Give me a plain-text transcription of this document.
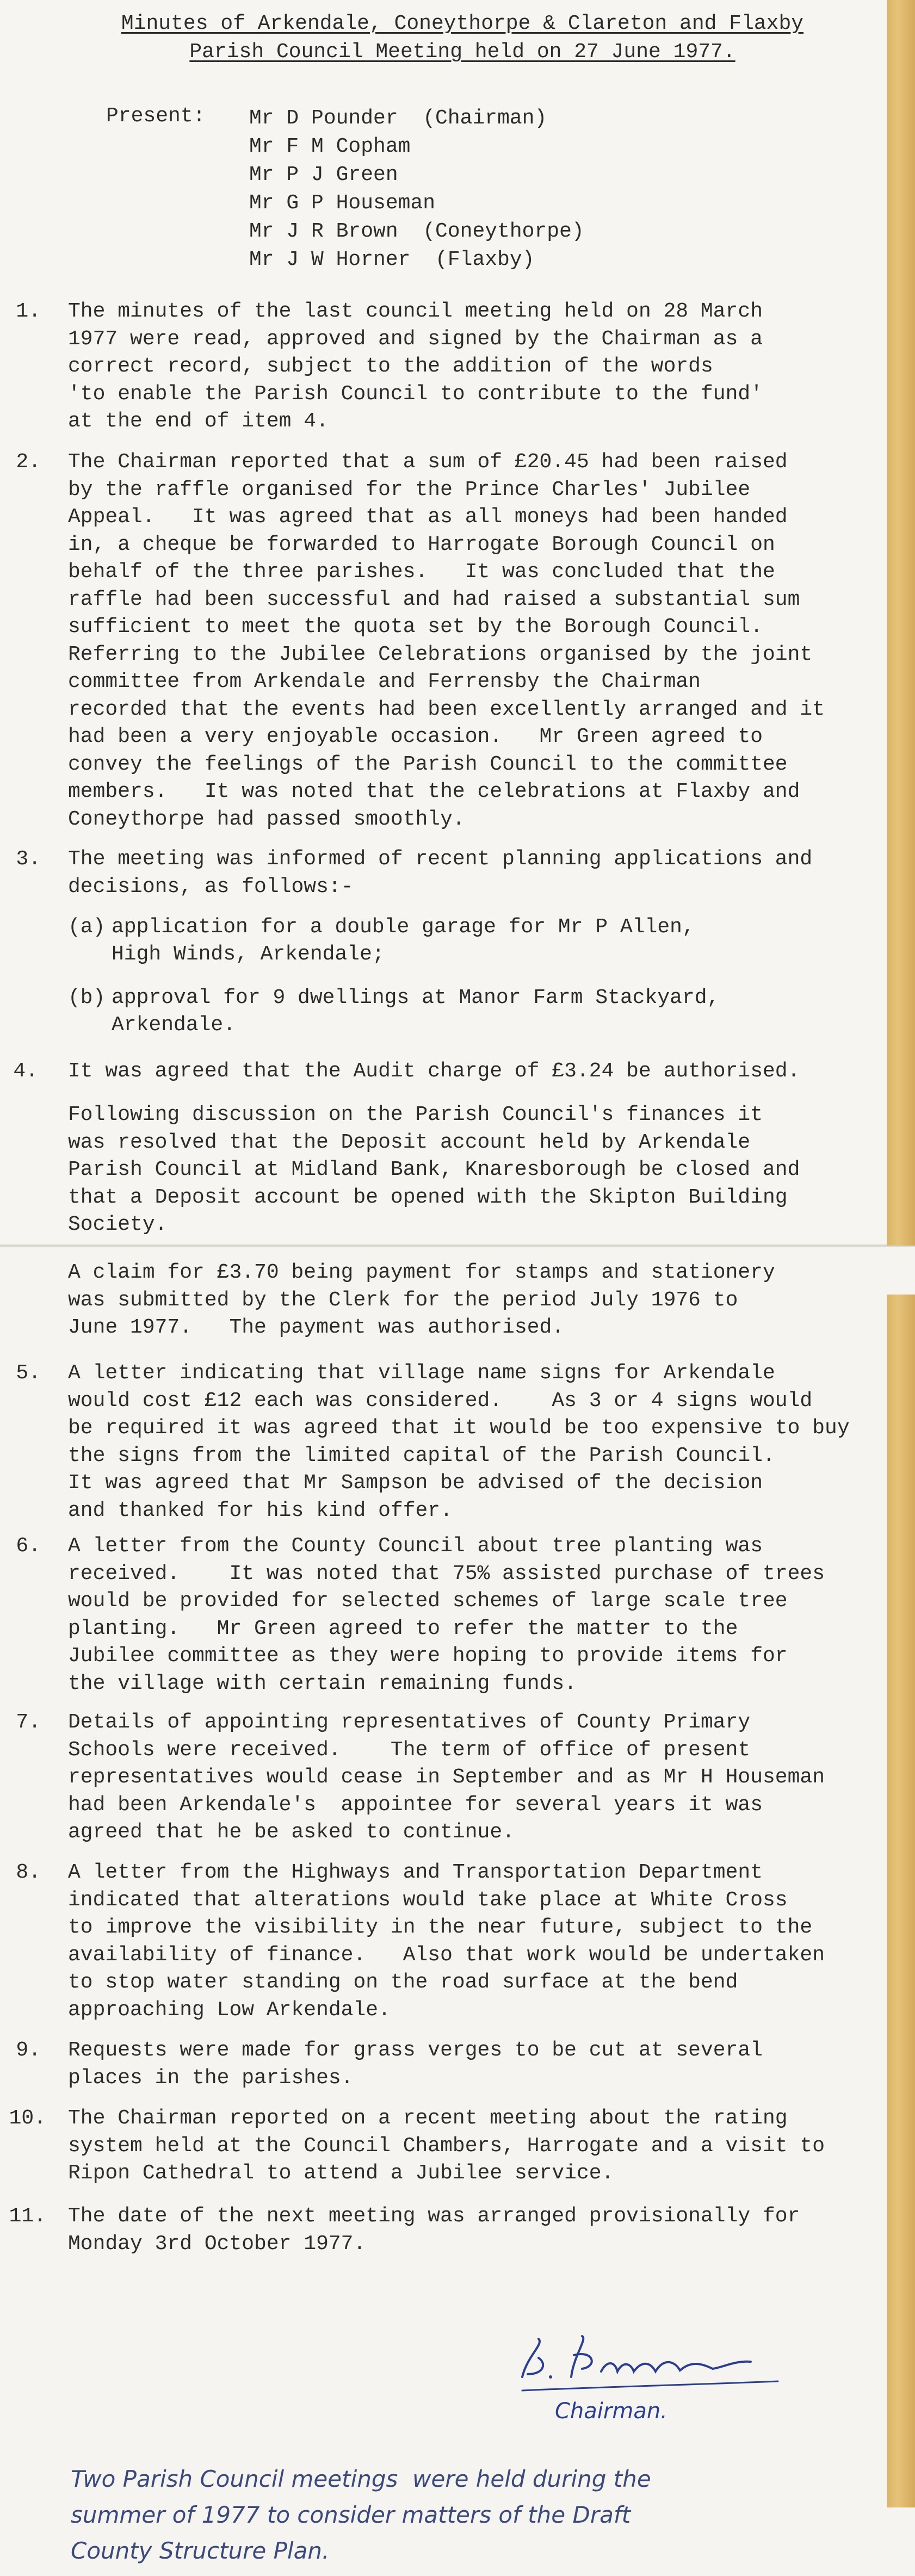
Minutes of Arkendale, Coneythorpe & Clareton and Flaxby
Parish Council Meeting held on 27 June 1977.
Present: Mr D Pounder  (Chairman)
Mr F M Copham
Mr P J Green
Mr G P Houseman
Mr J R Brown  (Coneythorpe)
Mr J W Horner  (Flaxby)
1. The minutes of the last council meeting held on 28 March

1977 were read, approved and signed by the Chairman as a

correct record, subject to the addition of the words

'to enable the Parish Council to contribute to the fund'

at the end of item 4.

2. The Chairman reported that a sum of £20.45 had been raised

by the raffle organised for the Prince Charles' Jubilee

Appeal.   It was agreed that as all moneys had been handed

in, a cheque be forwarded to Harrogate Borough Council on

behalf of the three parishes.   It was concluded that the

raffle had been successful and had raised a substantial sum

sufficient to meet the quota set by the Borough Council.

Referring to the Jubilee Celebrations organised by the joint

committee from Arkendale and Ferrensby the Chairman

recorded that the events had been excellently arranged and it

had been a very enjoyable occasion.   Mr Green agreed to

convey the feelings of the Parish Council to the committee

members.   It was noted that the celebrations at Flaxby and

Coneythorpe had passed smoothly.

3. The meeting was informed of recent planning applications and

decisions, as follows:-

(a) application for a double garage for Mr P Allen,

High Winds, Arkendale;

(b) approval for 9 dwellings at Manor Farm Stackyard,

Arkendale.

4. It was agreed that the Audit charge of £3.24 be authorised.

Following discussion on the Parish Council's finances it

was resolved that the Deposit account held by Arkendale

Parish Council at Midland Bank, Knaresborough be closed and

that a Deposit account be opened with the Skipton Building

Society.

A claim for £3.70 being payment for stamps and stationery

was submitted by the Clerk for the period July 1976 to

June 1977.   The payment was authorised.

5. A letter indicating that village name signs for Arkendale

would cost £12 each was considered.    As 3 or 4 signs would

be required it was agreed that it would be too expensive to buy

the signs from the limited capital of the Parish Council.

It was agreed that Mr Sampson be advised of the decision

and thanked for his kind offer.

6. A letter from the County Council about tree planting was

received.    It was noted that 75% assisted purchase of trees

would be provided for selected schemes of large scale tree

planting.   Mr Green agreed to refer the matter to the

Jubilee committee as they were hoping to provide items for

the village with certain remaining funds.

7. Details of appointing representatives of County Primary

Schools were received.    The term of office of present

representatives would cease in September and as Mr H Houseman

had been Arkendale's  appointee for several years it was

agreed that he be asked to continue.

8. A letter from the Highways and Transportation Department

indicated that alterations would take place at White Cross

to improve the visibility in the near future, subject to the

availability of finance.   Also that work would be undertaken

to stop water standing on the road surface at the bend

approaching Low Arkendale.

9. Requests were made for grass verges to be cut at several

places in the parishes.

10. The Chairman reported on a recent meeting about the rating

system held at the Council Chambers, Harrogate and a visit to

Ripon Cathedral to attend a Jubilee service.

11. The date of the next meeting was arranged provisionally for

Monday 3rd October 1977.

Chairman.

Two Parish Council meetings  were held during the

summer of 1977 to consider matters of the Draft

County Structure Plan.
